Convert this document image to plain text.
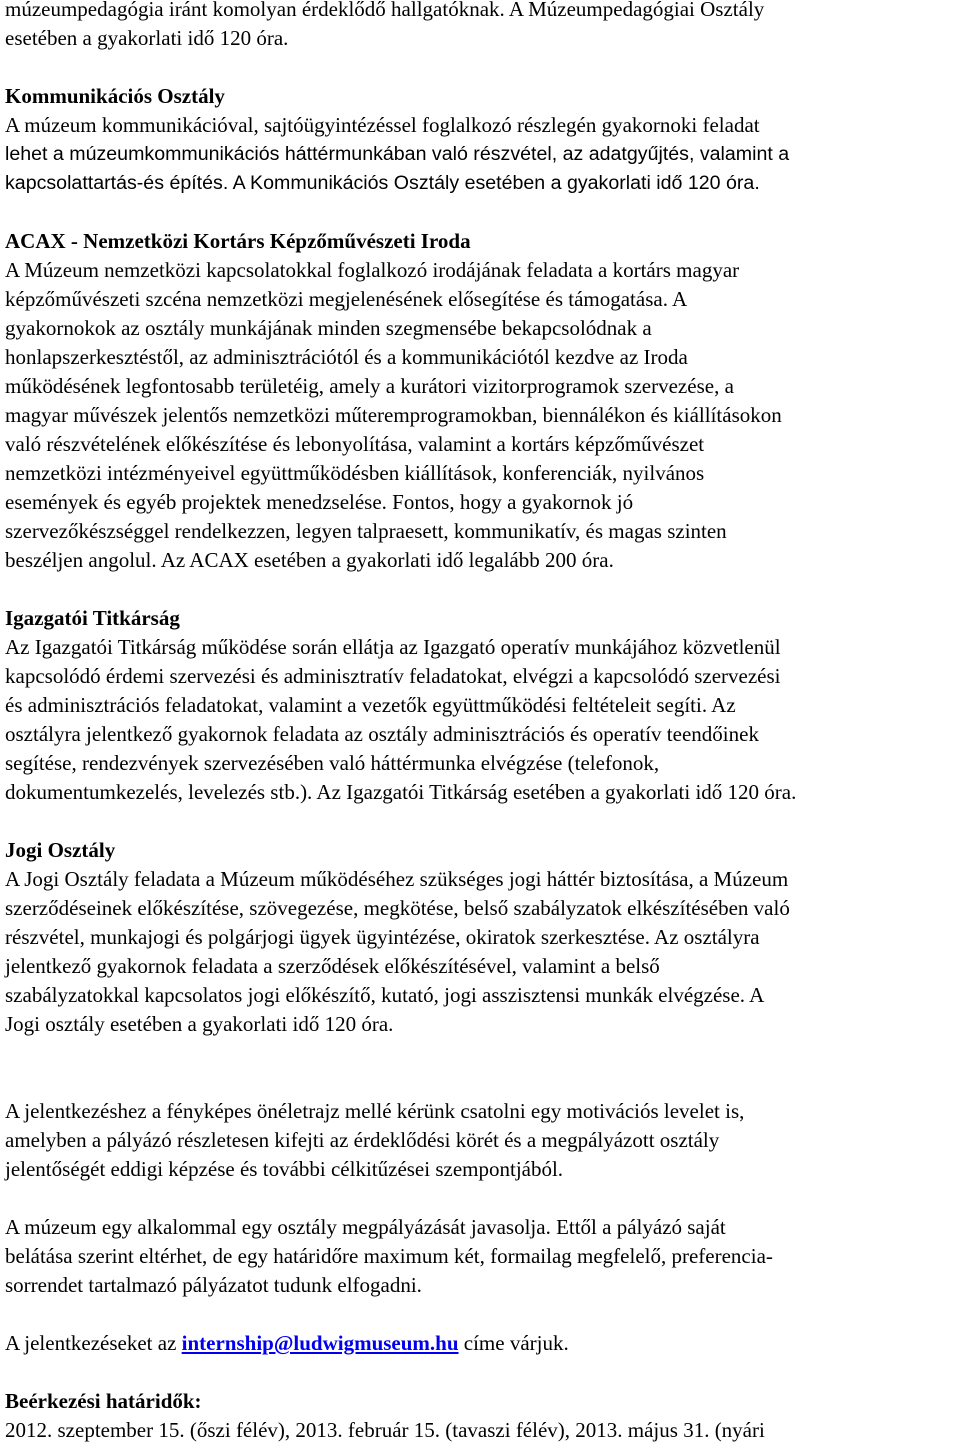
múzeumpedagógia iránt komolyan érdeklődő hallgatóknak. A Múzeumpedagógiai Osztály
esetében a gyakorlati idő 120 óra.
Kommunikációs Osztály
A múzeum kommunikációval, sajtóügyintézéssel foglalkozó részlegén gyakornoki feladat
lehet a múzeumkommunikációs háttérmunkában való részvétel, az adatgyűjtés, valamint a
kapcsolattartás-és építés. A Kommunikációs Osztály esetében a gyakorlati idő 120 óra.
ACAX - Nemzetközi Kortárs Képzőművészeti Iroda
A Múzeum nemzetközi kapcsolatokkal foglalkozó irodájának feladata a kortárs magyar
képzőművészeti szcéna nemzetközi megjelenésének elősegítése és támogatása. A
gyakornokok az osztály munkájának minden szegmensébe bekapcsolódnak a
honlapszerkesztéstől, az adminisztrációtól és a kommunikációtól kezdve az Iroda
működésének legfontosabb területéig, amely a kurátori vizitorprogramok szervezése, a
magyar művészek jelentős nemzetközi műteremprogramokban, biennálékon és kiállításokon
való részvételének előkészítése és lebonyolítása, valamint a kortárs képzőművészet
nemzetközi intézményeivel együttműködésben kiállítások, konferenciák, nyilvános
események és egyéb projektek menedzselése. Fontos, hogy a gyakornok jó
szervezőkészséggel rendelkezzen, legyen talpraesett, kommunikatív, és magas szinten
beszéljen angolul. Az ACAX esetében a gyakorlati idő legalább 200 óra.
Igazgatói Titkárság
Az Igazgatói Titkárság működése során ellátja az Igazgató operatív munkájához közvetlenül
kapcsolódó érdemi szervezési és adminisztratív feladatokat, elvégzi a kapcsolódó szervezési
és adminisztrációs feladatokat, valamint a vezetők együttműködési feltételeit segíti. Az
osztályra jelentkező gyakornok feladata az osztály adminisztrációs és operatív teendőinek
segítése, rendezvények szervezésében való háttérmunka elvégzése (telefonok,
dokumentumkezelés, levelezés stb.). Az Igazgatói Titkárság esetében a gyakorlati idő 120 óra.
Jogi Osztály
A Jogi Osztály feladata a Múzeum működéséhez szükséges jogi háttér biztosítása, a Múzeum
szerződéseinek előkészítése, szövegezése, megkötése, belső szabályzatok elkészítésében való
részvétel, munkajogi és polgárjogi ügyek ügyintézése, okiratok szerkesztése. Az osztályra
jelentkező gyakornok feladata a szerződések előkészítésével, valamint a belső
szabályzatokkal kapcsolatos jogi előkészítő, kutató, jogi asszisztensi munkák elvégzése. A
Jogi osztály esetében a gyakorlati idő 120 óra.
A jelentkezéshez a fényképes önéletrajz mellé kérünk csatolni egy motivációs levelet is,
amelyben a pályázó részletesen kifejti az érdeklődési körét és a megpályázott osztály
jelentőségét eddigi képzése és további célkitűzései szempontjából.
A múzeum egy alkalommal egy osztály megpályázását javasolja. Ettől a pályázó saját
belátása szerint eltérhet, de egy határidőre maximum két, formailag megfelelő, preferencia-
sorrendet tartalmazó pályázatot tudunk elfogadni.
A jelentkezéseket az internship@ludwigmuseum.hu címe várjuk.
Beérkezési határidők:
2012. szeptember 15. (őszi félév), 2013. február 15. (tavaszi félév), 2013. május 31. (nyári
